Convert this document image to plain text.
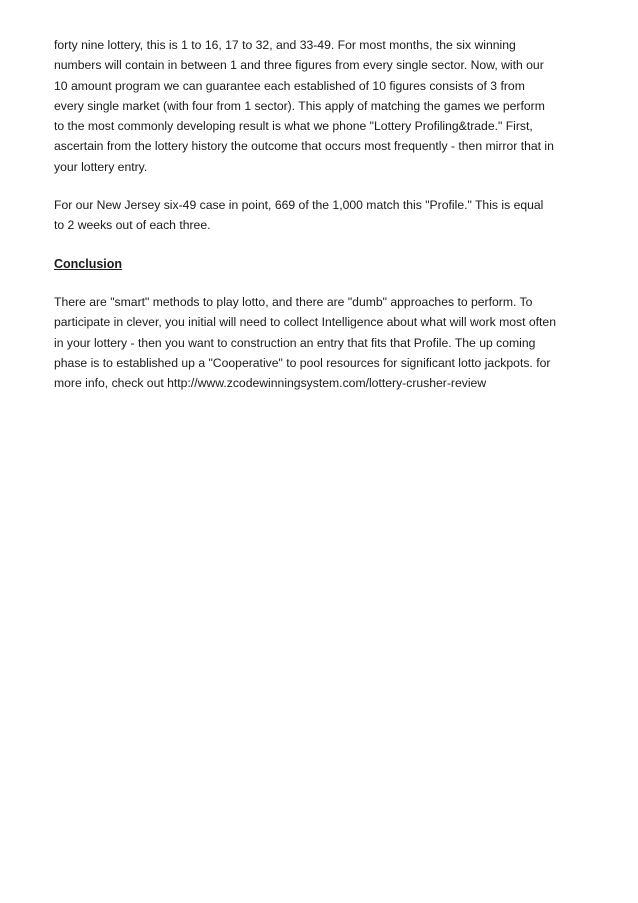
forty nine lottery, this is 1 to 16, 17 to 32, and 33-49. For most months, the six winning
numbers will contain in between 1 and three figures from every single sector. Now, with our
10 amount program we can guarantee each established of 10 figures consists of 3 from
every single market (with four from 1 sector). This apply of matching the games we perform
to the most commonly developing result is what we phone "Lottery Profiling&trade." First,
ascertain from the lottery history the outcome that occurs most frequently - then mirror that in
your lottery entry.

For our New Jersey six-49 case in point, 669 of the 1,000 match this "Profile." This is equal
to 2 weeks out of each three.

Conclusion

There are "smart" methods to play lotto, and there are "dumb" approaches to perform. To
participate in clever, you initial will need to collect Intelligence about what will work most often
in your lottery - then you want to construction an entry that fits that Profile. The up coming
phase is to established up a "Cooperative" to pool resources for significant lotto jackpots. for
more info, check out http://www.zcodewinningsystem.com/lottery-crusher-review
